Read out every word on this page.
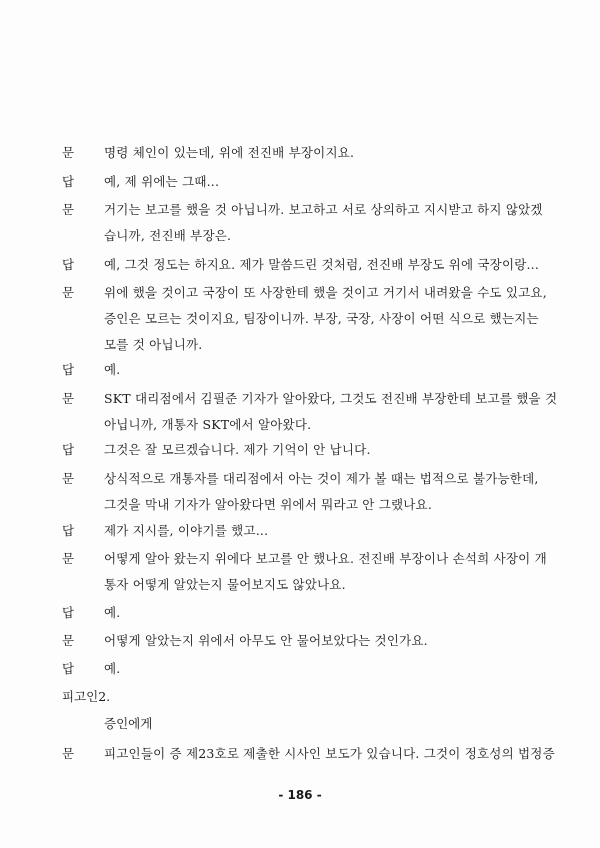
문	명령 체인이 있는데, 위에 전진배 부장이지요.
답	예, 제 위에는 그때...
문	거기는 보고를 했을 것 아닙니까. 보고하고 서로 상의하고 지시받고 하지 않았겠
습니까, 전진배 부장은.
답	예, 그것 정도는 하지요. 제가 말씀드린 것처럼, 전진배 부장도 위에 국장이랑...
문	위에 했을 것이고 국장이 또 사장한테 했을 것이고 거기서 내려왔을 수도 있고요,
증인은 모르는 것이지요, 팀장이니까. 부장, 국장, 사장이 어떤 식으로 했는지는
모를 것 아닙니까.
답	예.
문	SKT 대리점에서 김필준 기자가 알아왔다, 그것도 전진배 부장한테 보고를 했을 것
아닙니까, 개통자 SKT에서 알아왔다.
답	그것은 잘 모르겠습니다. 제가 기억이 안 납니다.
문	상식적으로 개통자를 대리점에서 아는 것이 제가 볼 때는 법적으로 불가능한데,
그것을 막내 기자가 알아왔다면 위에서 뭐라고 안 그랬나요.
답	제가 지시를, 이야기를 했고...
문	어떻게 알아 왔는지 위에다 보고를 안 했나요. 전진배 부장이나 손석희 사장이 개
통자 어떻게 알았는지 물어보지도 않았나요.
답	예.
문	어떻게 알았는지 위에서 아무도 안 물어보았다는 것인가요.
답	예.
피고인2.
증인에게
문	피고인들이 증 제23호로 제출한 시사인 보도가 있습니다. 그것이 정호성의 법정증
- 186 -
